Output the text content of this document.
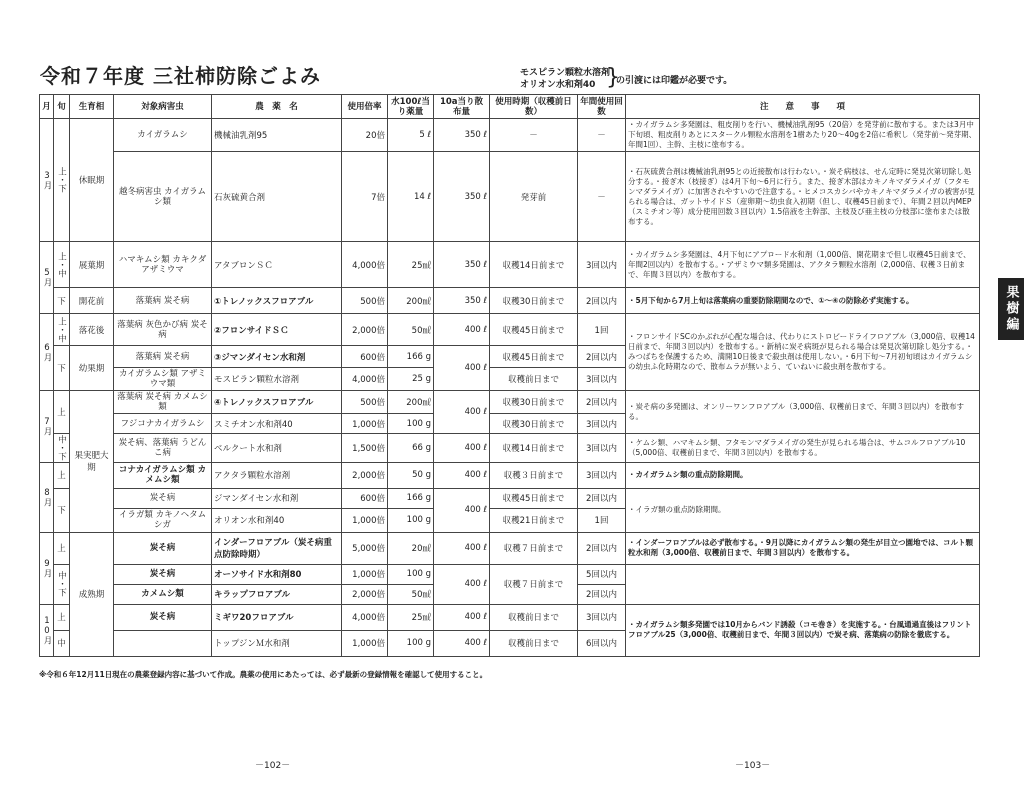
令和７年度 三社柿防除ごよみ	モスピラン顆粒水溶剤
オリオン水和剤40 }
の引渡には印鑑が必要です。
月	旬	生育相	対象病害虫	農　薬　名	使用倍率	水100ℓ当り薬量	10a当り散布量	使用時期（収穫前日数）	年間使用回数	注　　意　　事　　項

3月	上・下	休眠期	カイガラムシ	機械油乳剤95	20倍	5 ℓ	350 ℓ	－	－	・カイガラムシ多発園は、粗皮削りを行い、機械油乳剤95（20倍）を発芽前に散布する。または3月中下旬頃、粗皮削りあとにスタークル顆粒水溶剤を1樹あたり20～40gを2倍に希釈し（発芽前～発芽期、年間1回）、主幹、主枝に塗布する。
			越冬病害虫 カイガラムシ類	石灰硫黄合剤	7倍	14 ℓ	350 ℓ	発芽前	－	・石灰硫黄合剤は機械油乳剤95との近接散布は行わない。・炭そ病枝は、せん定時に発見次第切除し処分する。・接ぎ木（枝接ぎ）は4月下旬～6月に行う。また、接ぎ木部はカキノキマダラメイガ（フタモンマダラメイガ）に加害されやすいので注意する。・ヒメコスカシバやカキノキマダラメイガの被害が見られる場合は、ガットサイドＳ（産卵期～幼虫食入初期（但し、収穫45日前まで）、年間２回以内MEP（スミチオン等）成分使用回数３回以内）1.5倍液を主幹部、主枝及び亜主枝の分枝部に塗布または散布する。

5月	上・中	展葉期	ハマキムシ類 カキクダアザミウマ	アタブロンＳＣ	4,000倍	25㎖	350 ℓ	収穫14日前まで	3回以内	・カイガラムシ多発園は、4月下旬にアプロード水和剤（1,000倍、開花期まで但し収穫45日前まで、年間2回以内）を散布する。・アザミウマ類多発園は、アクタラ顆粒水溶剤（2,000倍、収穫３日前まで、年間３回以内）を散布する。
	下	開花前	落葉病 炭そ病	①トレノックスフロアブル	500倍	200㎖	350 ℓ	収穫30日前まで	2回以内	・5月下旬から7月上旬は落葉病の重要防除期間なので、①～④の防除必ず実施する。

6月	上・中	落花後	落葉病 灰色かび病 炭そ病	②フロンサイドＳＣ	2,000倍	50㎖	400 ℓ	収穫45日前まで	1回	・フロンサイドSCのかぶれが心配な場合は、代わりにストロビードライフロアブル（3,000倍、収穫14日前まで、年間３回以内）を散布する。・新梢に炭そ病斑が見られる場合は発見次第切除し処分する。・みつばちを保護するため、満開10日後まで殺虫剤は使用しない。・6月下旬～7月初旬頃はカイガラムシの幼虫ふ化時期なので、散布ムラが無いよう、ていねいに殺虫剤を散布する。
	下	幼果期	落葉病 炭そ病	③ジマンダイセン水和剤	600倍	166 g	400 ℓ	収穫45日前まで	2回以内	
			カイガラムシ類 アザミウマ類	モスピラン顆粒水溶剤	4,000倍	25 g		収穫前日まで	3回以内	

7月	上	果実肥大期	落葉病 炭そ病 カメムシ類	④トレノックスフロアブル	500倍	200㎖	400 ℓ	収穫30日前まで	2回以内	・炭そ病の多発園は、オンリーワンフロアブル（3,000倍、収穫前日まで、年間３回以内）を散布する。
			フジコナカイガラムシ	スミチオン水和剤40	1,000倍	100 g		収穫30日前まで	3回以内	

	中・下		炭そ病、落葉病 うどんこ病	ベルクート水和剤	1,500倍	66 g	400 ℓ	収穫14日前まで	3回以内	・ケムシ類、ハマキムシ類、フタモンマダラメイガの発生が見られる場合は、サムコルフロアブル10（5,000倍、収穫前日まで、年間３回以内）を散布する。

8月	上		コナカイガラムシ類 カメムシ類	アクタラ顆粒水溶剤	2,000倍	50 g	400 ℓ	収穫３日前まで	3回以内	・カイガラムシ類の重点防除期間。
	下		炭そ病	ジマンダイセン水和剤	600倍	166 g	400 ℓ	収穫45日前まで	2回以内	・イラガ類の重点防除期間。
			イラガ類 カキノヘタムシガ	オリオン水和剤40	1,000倍	100 g		収穫21日前まで	1回	

9月	上	成熟期	炭そ病	インダーフロアブル（炭そ病重点防除時期）	5,000倍	20㎖	400 ℓ	収穫７日前まで	2回以内	・インダーフロアブルは必ず散布する。・9月以降にカイガラムシ類の発生が目立つ園地では、コルト顆粒水和剤（3,000倍、収穫前日まで、年間３回以内）を散布する。

	中・下		炭そ病	オーソサイド水和剤80	1,000倍	100 g	400 ℓ	収穫７日前まで	5回以内	
			カメムシ類	キラップフロアブル	2,000倍	50㎖			2回以内	

10月	上		炭そ病	ミギワ20フロアブル	4,000倍	25㎖	400 ℓ	収穫前日まで	3回以内	・カイガラムシ類多発園では10月からバンド誘殺（コモ巻き）を実施する。・台風通過直後はフリントフロアブル25（3,000倍、収穫前日まで、年間３回以内）で炭そ病、落葉病の防除を徹底する。
	中			トップジンＭ水和剤	1,000倍	100 g	400 ℓ	収穫前日まで	6回以内	
※令和６年12月11日現在の農薬登録内容に基づいて作成。農薬の使用にあたっては、必ず最新の登録情報を確認して使用すること。
－102－	－103－
果樹編
